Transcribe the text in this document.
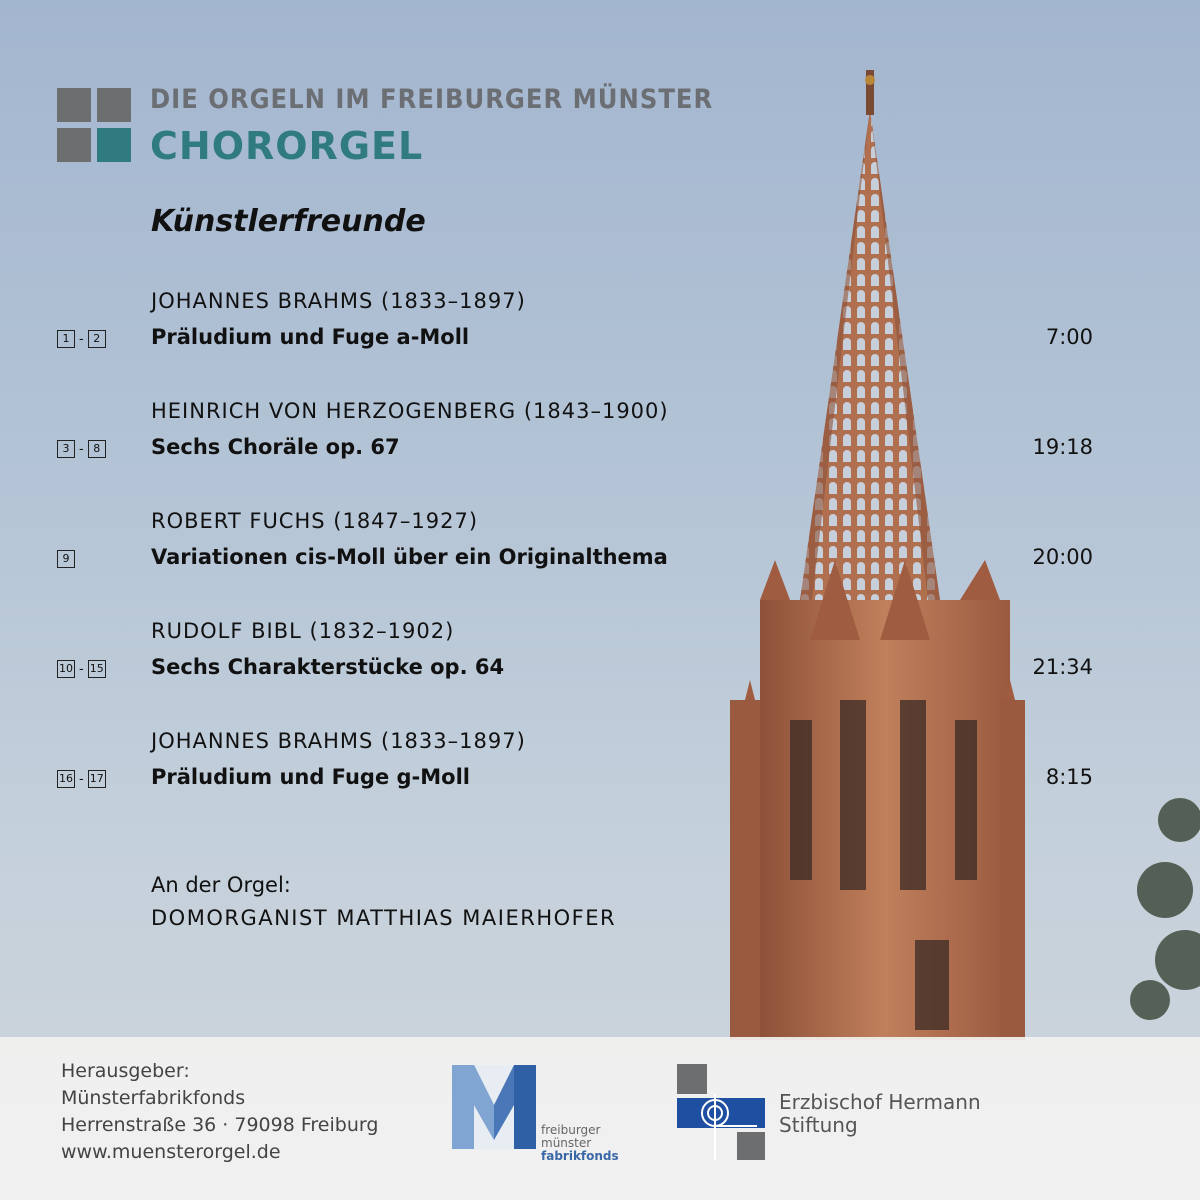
DIE ORGELN IM FREIBURGER MÜNSTER
CHORORGEL
Künstlerfreunde
JOHANNES BRAHMS (1833–1897)
1 - 2 Präludium und Fuge a-Moll	7:00
HEINRICH VON HERZOGENBERG (1843–1900)
3 - 8 Sechs Choräle op. 67	19:18
ROBERT FUCHS (1847–1927)
9	Variationen cis-Moll über ein Originalthema	20:00
RUDOLF BIBL (1832–1902)
10 - 15 Sechs Charakterstücke op. 64	21:34
JOHANNES BRAHMS (1833–1897)
16 - 17 Präludium und Fuge g-Moll	8:15
An der Orgel:
DOMORGANIST MATTHIAS MAIERHOFER
Herausgeber:
Münsterfabrikfonds
Herrenstraße 36 · 79098 Freiburg
www.muensterorgel.de
freiburger
münster
fabrikfonds
Erzbischof Hermann
Stiftung
